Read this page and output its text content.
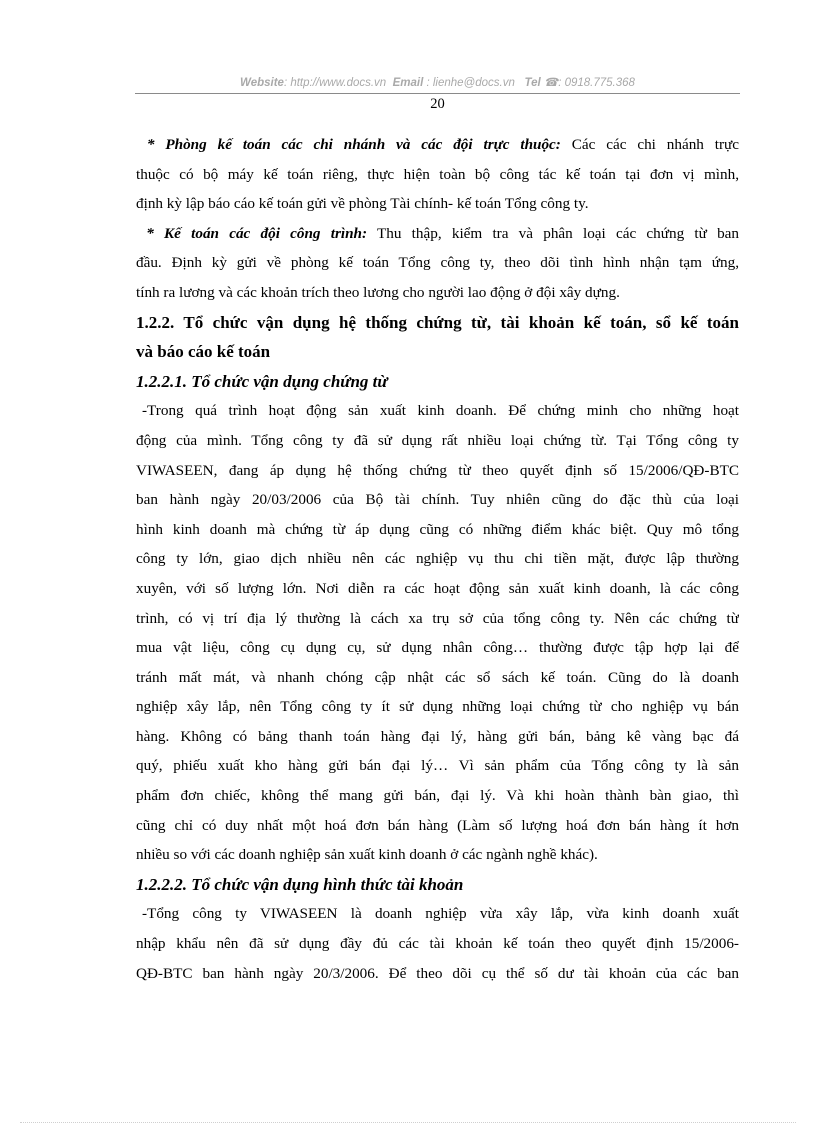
Website: http://www.docs.vn Email : lienhe@docs.vn Tel ☎: 0918.775.368
20
* Phòng kế toán các chi nhánh và các đội trực thuộc: Các các chi nhánh trực
thuộc có bộ máy kế toán riêng, thực hiện toàn bộ công tác kế toán tại đơn vị mình,
định kỳ lập báo cáo kế toán gửi về phòng Tài chính- kế toán Tổng công ty.
* Kế toán các đội công trình: Thu thập, kiểm tra và phân loại các chứng từ ban
đầu. Định kỳ gửi về phòng kế toán Tổng công ty, theo dõi tình hình nhận tạm ứng,
tính ra lương và các khoản trích theo lương cho người lao động ở đội xây dựng.
1.2.2. Tổ chức vận dụng hệ thống chứng từ, tài khoản kế toán, sổ kế toán
và báo cáo kế toán
1.2.2.1. Tổ chức vận dụng chứng từ
-Trong quá trình hoạt động sản xuất kinh doanh. Để chứng minh cho những hoạt
động của mình. Tổng công ty đã sử dụng rất nhiều loại chứng từ. Tại Tổng công ty
VIWASEEN, đang áp dụng hệ thống chứng từ theo quyết định số 15/2006/QĐ-BTC
ban hành ngày 20/03/2006 của Bộ tài chính. Tuy nhiên cũng do đặc thù của loại
hình kinh doanh mà chứng từ áp dụng cũng có những điểm khác biệt. Quy mô tổng
công ty lớn, giao dịch nhiều nên các nghiệp vụ thu chi tiền mặt, được lập thường
xuyên, với số lượng lớn. Nơi diễn ra các hoạt động sản xuất kinh doanh, là các công
trình, có vị trí địa lý thường là cách xa trụ sở của tổng công ty. Nên các chứng từ
mua vật liệu, công cụ dụng cụ, sử dụng nhân công… thường được tập hợp lại để
tránh mất mát, và nhanh chóng cập nhật các sổ sách kế toán. Cũng do là doanh
nghiệp xây lắp, nên Tổng công ty ít sử dụng những loại chứng từ cho nghiệp vụ bán
hàng. Không có bảng thanh toán hàng đại lý, hàng gửi bán, bảng kê vàng bạc đá
quý, phiếu xuất kho hàng gửi bán đại lý… Vì sản phẩm của Tổng công ty là sản
phẩm đơn chiếc, không thể mang gửi bán, đại lý. Và khi hoàn thành bàn giao, thì
cũng chỉ có duy nhất một hoá đơn bán hàng (Làm số lượng hoá đơn bán hàng ít hơn
nhiều so với các doanh nghiệp sản xuất kinh doanh ở các ngành nghề khác).
1.2.2.2. Tổ chức vận dụng hình thức tài khoản
-Tổng công ty VIWASEEN là doanh nghiệp vừa xây lắp, vừa kinh doanh xuất
nhập khẩu nên đã sử dụng đầy đủ các tài khoản kế toán theo quyết định 15/2006-
QĐ-BTC ban hành ngày 20/3/2006. Để theo dõi cụ thể số dư tài khoản của các ban
